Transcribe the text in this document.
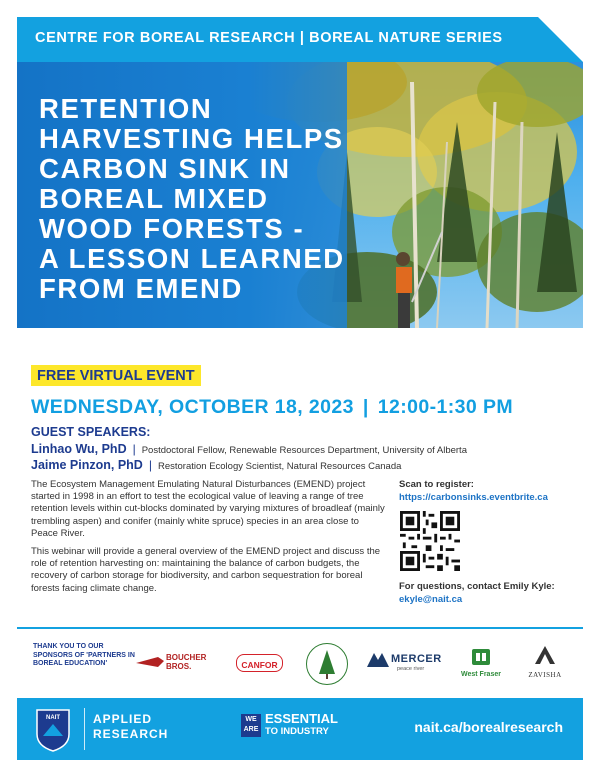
CENTRE FOR BOREAL RESEARCH | BOREAL NATURE SERIES
RETENTION
HARVESTING HELPS
CARBON SINK IN
BOREAL MIXED
WOOD FORESTS -
A LESSON LEARNED
FROM EMEND
FREE VIRTUAL EVENT
WEDNESDAY, OCTOBER 18, 2023 | 12:00-1:30 PM
GUEST SPEAKERS:
Linhao Wu, PhD | Postdoctoral Fellow, Renewable Resources Department, University of Alberta
Jaime Pinzon, PhD | Restoration Ecology Scientist, Natural Resources Canada
The Ecosystem Management Emulating Natural Disturbances (EMEND) project started in 1998 in an effort to test the ecological value of leaving a range of tree retention levels within cut-blocks dominated by varying mixtures of broadleaf (mainly trembling aspen) and conifer (mainly white spruce) species in an area close to Peace River.
This webinar will provide a general overview of the EMEND project and discuss the role of retention harvesting on: maintaining the balance of carbon budgets, the recovery of carbon storage for biodiversity, and carbon sequestration for boreal forests facing climate change.
Scan to register:
https://carbonsinks.eventbrite.ca
For questions, contact Emily Kyle:
ekyle@nait.ca
THANK YOU TO OUR SPONSORS OF 'PARTNERS IN BOREAL EDUCATION'
BOUCHER BROS.	CANFOR	MERCER
peace river
West Fraser	ZAVISHA
NAIT	APPLIED
RESEARCH
WE ARE
ESSENTIAL
TO INDUSTRY	nait.ca/borealresearch
